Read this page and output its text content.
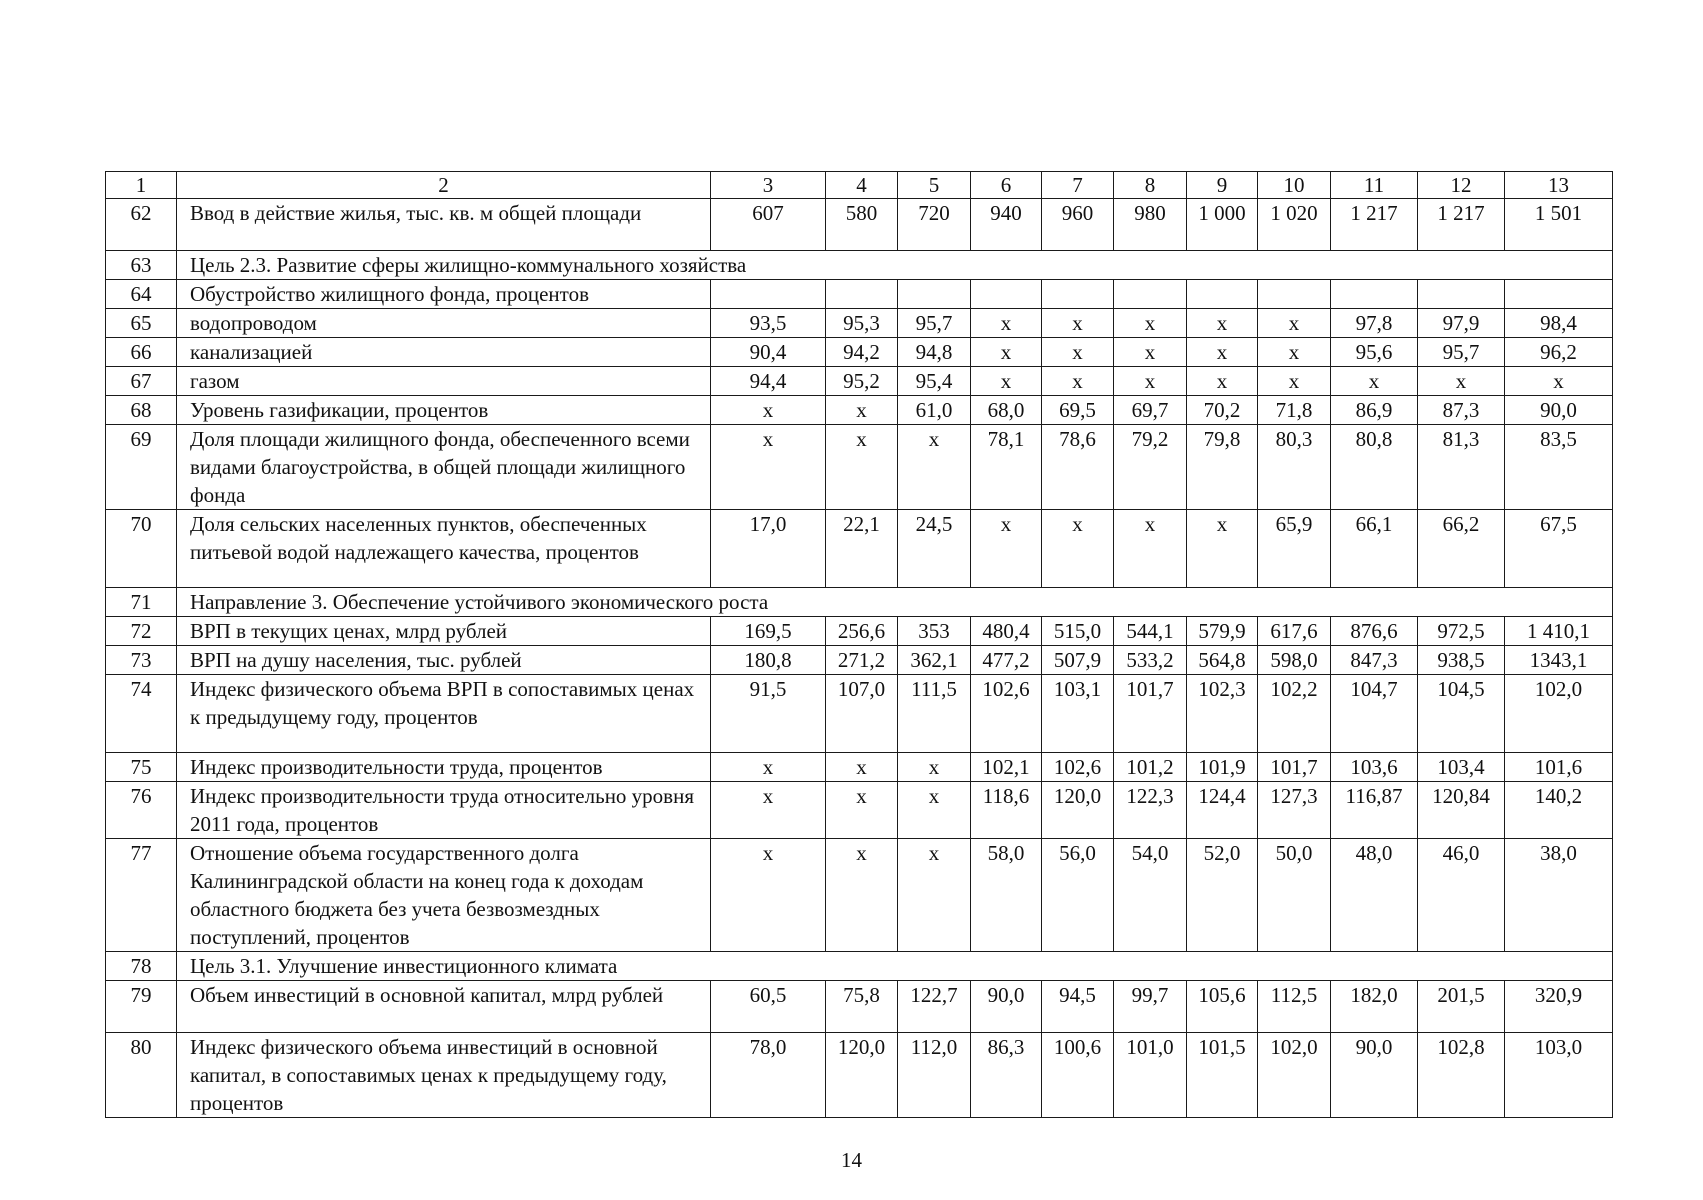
1	2	3	4	5	6	7	8	9	10	11	12	13
62	Ввод в действие жилья, тыс. кв. м общей площади	607	580	720	940	960	980	1 000	1 020	1 217	1 217	1 501
63	Цель 2.3. Развитие сферы жилищно-коммунального хозяйства											
64	Обустройство жилищного фонда, процентов											
65	водопроводом	93,5	95,3	95,7	x	x	x	x	x	97,8	97,9	98,4
66	канализацией	90,4	94,2	94,8	x	x	x	x	x	95,6	95,7	96,2
67	газом	94,4	95,2	95,4	x	x	x	x	x	x	x	x
68	Уровень газификации, процентов	x	x	61,0	68,0	69,5	69,7	70,2	71,8	86,9	87,3	90,0
69	Доля площади жилищного фонда, обеспеченного всеми видами благоустройства, в общей площади жилищного фонда	x	x	x	78,1	78,6	79,2	79,8	80,3	80,8	81,3	83,5
70	Доля сельских населенных пунктов, обеспеченных питьевой водой надлежащего качества, процентов	17,0	22,1	24,5	x	x	x	x	65,9	66,1	66,2	67,5
71	Направление 3. Обеспечение устойчивого экономического роста											
72	ВРП в текущих ценах, млрд рублей	169,5	256,6	353	480,4	515,0	544,1	579,9	617,6	876,6	972,5	1 410,1
73	ВРП на душу населения, тыс. рублей	180,8	271,2	362,1	477,2	507,9	533,2	564,8	598,0	847,3	938,5	1343,1
74	Индекс физического объема ВРП в сопоставимых ценах к предыдущему году, процентов	91,5	107,0	111,5	102,6	103,1	101,7	102,3	102,2	104,7	104,5	102,0
75	Индекс производительности труда, процентов	x	x	x	102,1	102,6	101,2	101,9	101,7	103,6	103,4	101,6
76	Индекс производительности труда относительно уровня 2011 года, процентов	x	x	x	118,6	120,0	122,3	124,4	127,3	116,87	120,84	140,2
77	Отношение объема государственного долга Калининградской области на конец года к доходам областного бюджета без учета безвозмездных поступлений, процентов	x	x	x	58,0	56,0	54,0	52,0	50,0	48,0	46,0	38,0
78	Цель 3.1. Улучшение инвестиционного климата											
79	Объем инвестиций в основной капитал, млрд рублей	60,5	75,8	122,7	90,0	94,5	99,7	105,6	112,5	182,0	201,5	320,9
80	Индекс физического объема инвестиций в основной капитал, в сопоставимых ценах к предыдущему году, процентов	78,0	120,0	112,0	86,3	100,6	101,0	101,5	102,0	90,0	102,8	103,0
14
